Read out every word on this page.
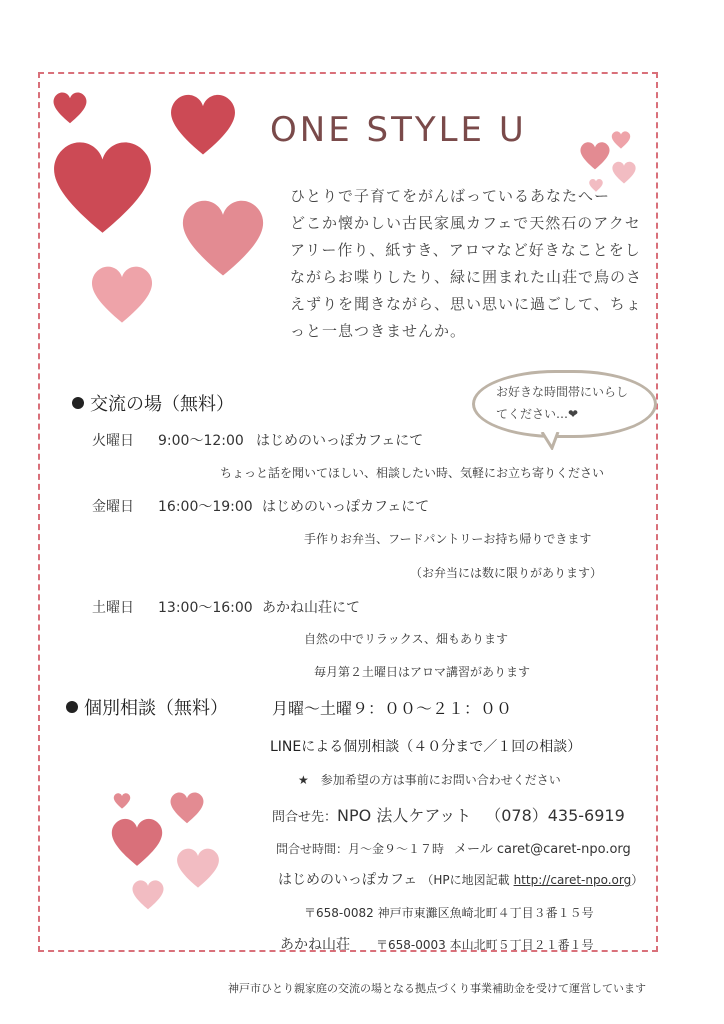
ONE STYLE U
ひとりで子育てをがんばっているあなたへー
どこか懐かしい古民家風カフェで天然石のアクセ
アリー作り、紙すき、アロマなど好きなことをし
ながらお喋りしたり、緑に囲まれた山荘で鳥のさ
えずりを聞きながら、思い思いに過ごして、ちょ
っと一息つきませんか。
お好きな時間帯にいらしてください…❤
交流の場（無料）
火曜日 9:00～12:00 はじめのいっぽカフェにて
ちょっと話を聞いてほしい、相談したい時、気軽にお立ち寄りください
金曜日 16:00～19:00 はじめのいっぽカフェにて
手作りお弁当、フードパントリーお持ち帰りできます
（お弁当には数に限りがあります）
土曜日 13:00～16:00 あかね山荘にて
自然の中でリラックス、畑もあります
毎月第２土曜日はアロマ講習があります
個別相談（無料）	月曜～土曜９：００～２１：００
LINEによる個別相談（４０分まで／１回の相談）
★　参加希望の方は事前にお問い合わせください
問合せ先：NPO 法人ケアット （078）435-6919
問合せ時間：月～金９～１７時 メール caret@caret-npo.org
はじめのいっぽカフェ （HPに地図記載 http://caret-npo.org）
〒658-0082 神戸市東灘区魚崎北町４丁目３番１５号
あかね山荘 〒658-0003 本山北町５丁目２１番１号
神戸市ひとり親家庭の交流の場となる拠点づくり事業補助金を受けて運営しています
